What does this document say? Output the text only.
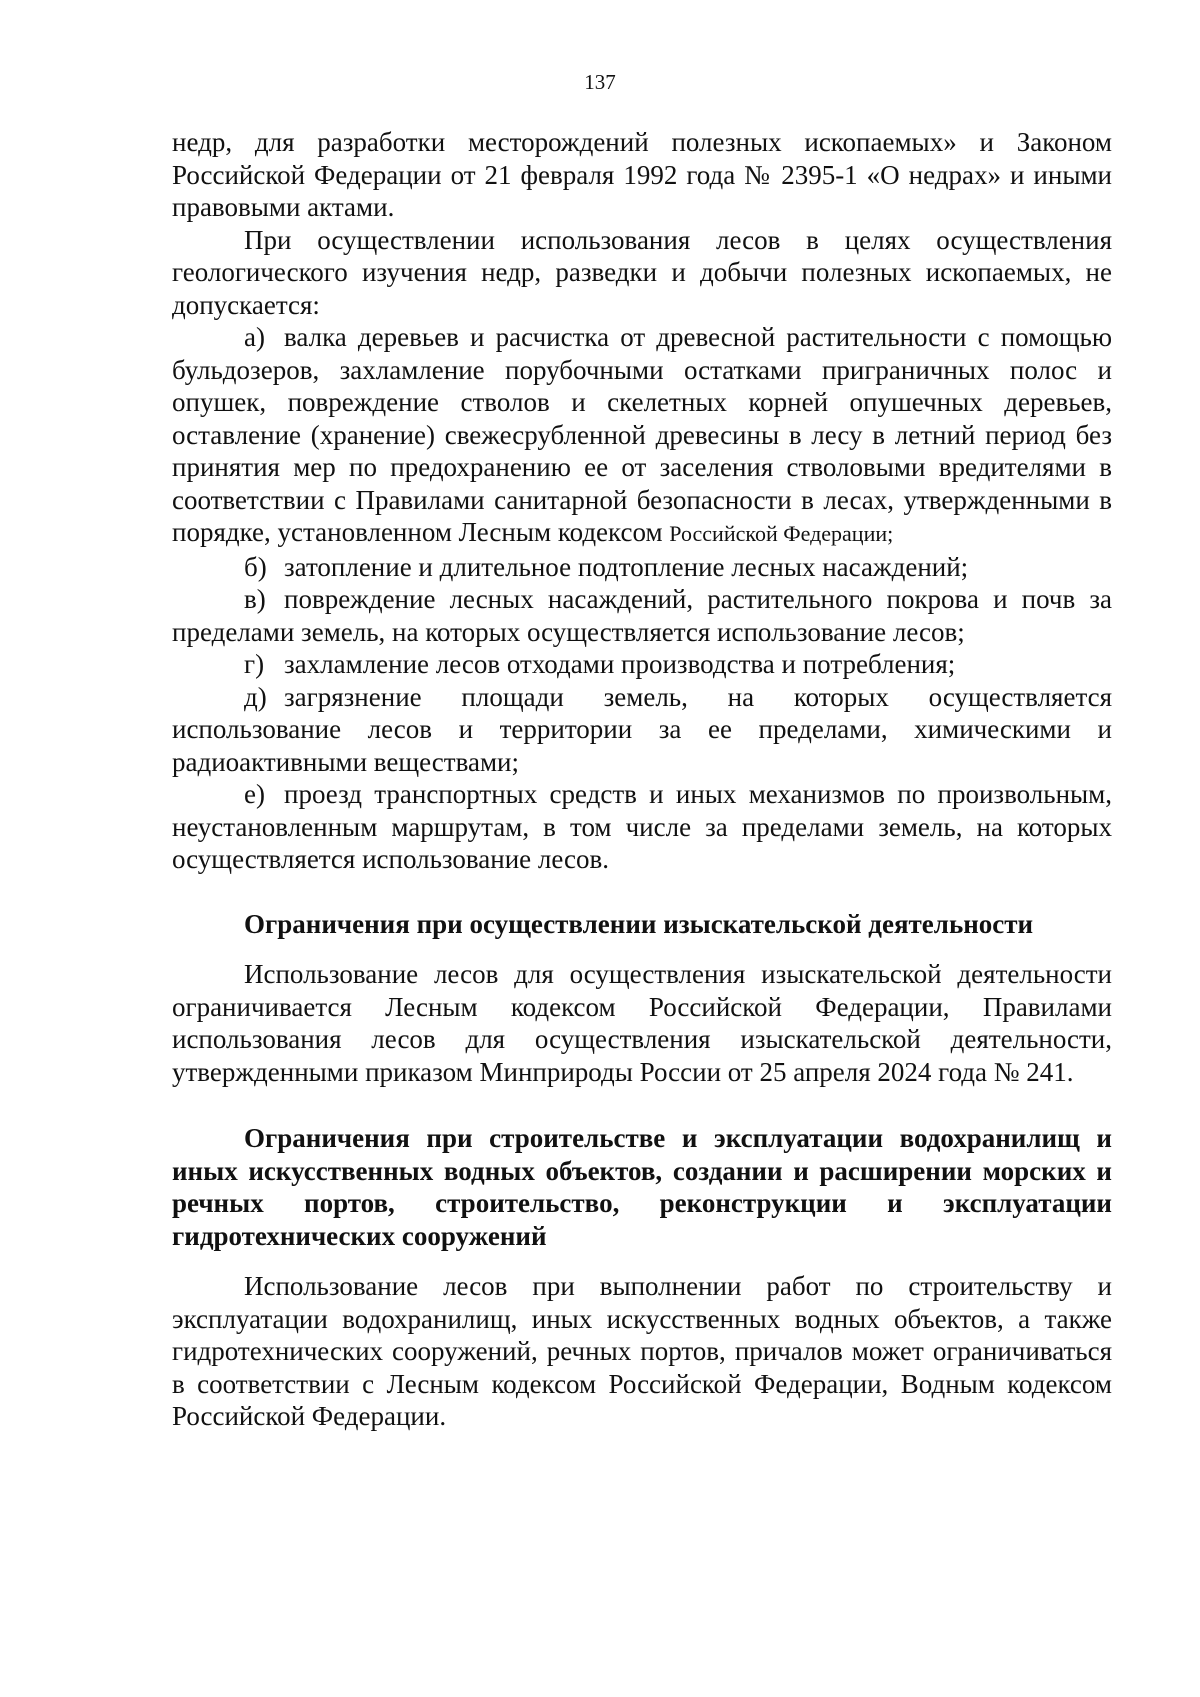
137

недр, для разработки месторождений полезных ископаемых» и Законом Российской Федерации от 21 февраля 1992 года № 2395-1 «О недрах» и иными правовыми актами.

При осуществлении использования лесов в целях осуществления геологического изучения недр, разведки и добычи полезных ископаемых, не допускается:

а) валка деревьев и расчистка от древесной растительности с помощью бульдозеров, захламление порубочными остатками приграничных полос и опушек, повреждение стволов и скелетных корней опушечных деревьев, оставление (хранение) свежесрубленной древесины в лесу в летний период без принятия мер по предохранению ее от заселения стволовыми вредителями в соответствии с Правилами санитарной безопасности в лесах, утвержденными в порядке, установленном Лесным кодексом Российской Федерации;

б) затопление и длительное подтопление лесных насаждений;

в) повреждение лесных насаждений, растительного покрова и почв за пределами земель, на которых осуществляется использование лесов;

г) захламление лесов отходами производства и потребления;

д) загрязнение площади земель, на которых осуществляется использование лесов и территории за ее пределами, химическими и радиоактивными веществами;

е) проезд транспортных средств и иных механизмов по произвольным, неустановленным маршрутам, в том числе за пределами земель, на которых осуществляется использование лесов.

Ограничения при осуществлении изыскательской деятельности

Использование лесов для осуществления изыскательской деятельности ограничивается Лесным кодексом Российской Федерации, Правилами использования лесов для осуществления изыскательской деятельности, утвержденными приказом Минприроды России от 25 апреля 2024 года № 241.

Ограничения при строительстве и эксплуатации водохранилищ и иных искусственных водных объектов, создании и расширении морских и речных портов, строительство, реконструкции и эксплуатации гидротехнических сооружений

Использование лесов при выполнении работ по строительству и эксплуатации водохранилищ, иных искусственных водных объектов, а также гидротехнических сооружений, речных портов, причалов может ограничиваться в соответствии с Лесным кодексом Российской Федерации, Водным кодексом Российской Федерации.
